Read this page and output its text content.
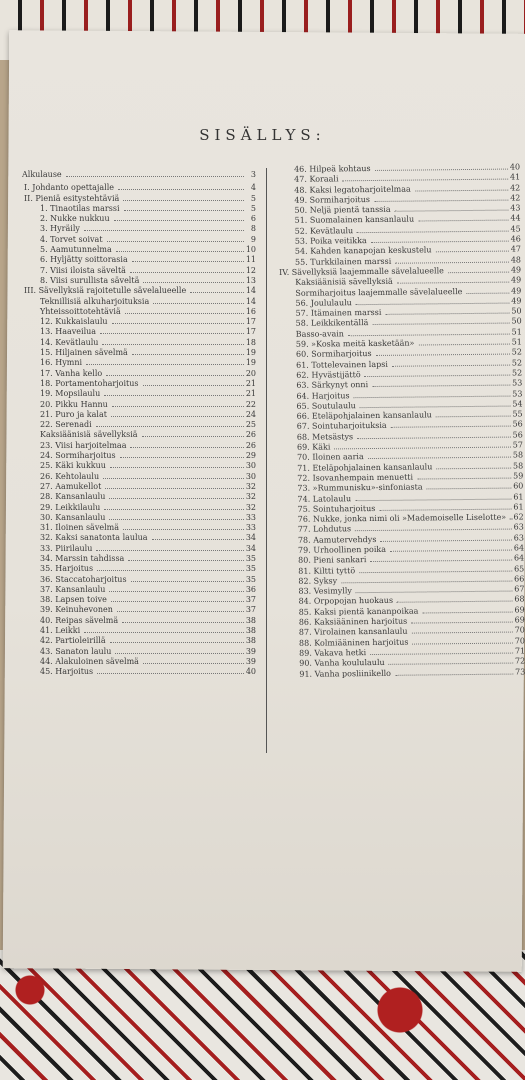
SISÄLLYS:
Alkulause	3
I. Johdanto opettajalle	4
II. Pieniä esitystehtäviä	5
1. Tinaotilas marssi	5
2. Nukke nukkuu	6
3. Hyräily	8
4. Torvet soivat	9
5. Aamutunnelma	10
6. Hyljätty soittorasia	11
7. Viisi iloista säveltä	12
8. Viisi surullista säveltä	13
III. Sävellyksiä rajoitetulle sävelalueelle	14
Teknillisiä alkuharjoituksia	14
Yhteissoittotehtäviä	16
12. Kukkaislaulu	17
13. Haaveilua	17
14. Kevätlaulu	18
15. Hiljainen sävelmä	19
16. Hymni	19
17. Vanha kello	20
18. Portamentoharjoitus	21
19. Mopsilaulu	21
20. Pikku Hannu	22
21. Puro ja kalat	24
22. Serenadi	25
Kaksiäänisiä sävellyksiä	26
23. Viisi harjoitelmaa	26
24. Sormiharjoitus	29
25. Käki kukkuu	30
26. Kehtolaulu	30
27. Aamukellot	32
28. Kansanlaulu	32
29. Leikkilaulu	32
30. Kansanlaulu	33
31. Iloinen sävelmä	33
32. Kaksi sanatonta laulua	34
33. Piirilaulu	34
34. Marssin tahdissa	35
35. Harjoitus	35
36. Staccatoharjoitus	35
37. Kansanlaulu	36
38. Lapsen toive	37
39. Keinuhevonen	37
40. Reipas sävelmä	38
41. Leikki	38
42. Partioleirillä	38
43. Sanaton laulu	39
44. Alakuloinen sävelmä	39
45. Harjoitus	40
46. Hilpeä kohtaus	40
47. Koraali	41
48. Kaksi legatoharjoitelmaa	42
49. Sormiharjoitus	42
50. Neljä pientä tanssia	43
51. Suomalainen kansanlaulu	44
52. Kevätlaulu	45
53. Poika veitikka	46
54. Kahden kanapojan keskustelu	47
55. Turkkilainen marssi	48
IV. Sävellyksiä laajemmalle sävelalueelle	49
Kaksiäänisiä sävellyksiä	49
Sormiharjoitus laajemmalle sävelalueelle	49
56. Joululaulu	49
57. Itämainen marssi	50
58. Leikkikentällä	50
Basso-avain	51
59. »Koska meitä kasketään»	51
60. Sormiharjoitus	52
61. Tottelevainen lapsi	52
62. Hyvästijättö	52
63. Särkynyt onni	53
64. Harjoitus	53
65. Soutulaulu	54
66. Eteläpohjalainen kansanlaulu	55
67. Sointuharjoituksia	56
68. Metsästys	56
69. Käki	57
70. Iloinen aaria	58
71. Eteläpohjalainen kansanlaulu	58
72. Isovanhempain menuetti	59
73. »Rummunisku»-sinfoniasta	60
74. Latolaulu	61
75. Sointuharjoitus	61
76. Nukke, jonka nimi oli »Mademoiselle Liselotte» 62
77. Lohdutus	63
78. Aamutervehdys	63
79. Urhoollinen poika	64
80. Pieni sankari	64
81. Kiltti tyttö	65
82. Syksy	66
83. Vesimylly	67
84. Orpopojan huokaus	68
85. Kaksi pientä kananpoikaa	69
86. Kaksiääninen harjoitus	69
87. Virolainen kansanlaulu	70
88. Kolmiääninen harjoitus	70
89. Vakava hetki	71
90. Vanha koululaulu	72
91. Vanha posliinikello	73
